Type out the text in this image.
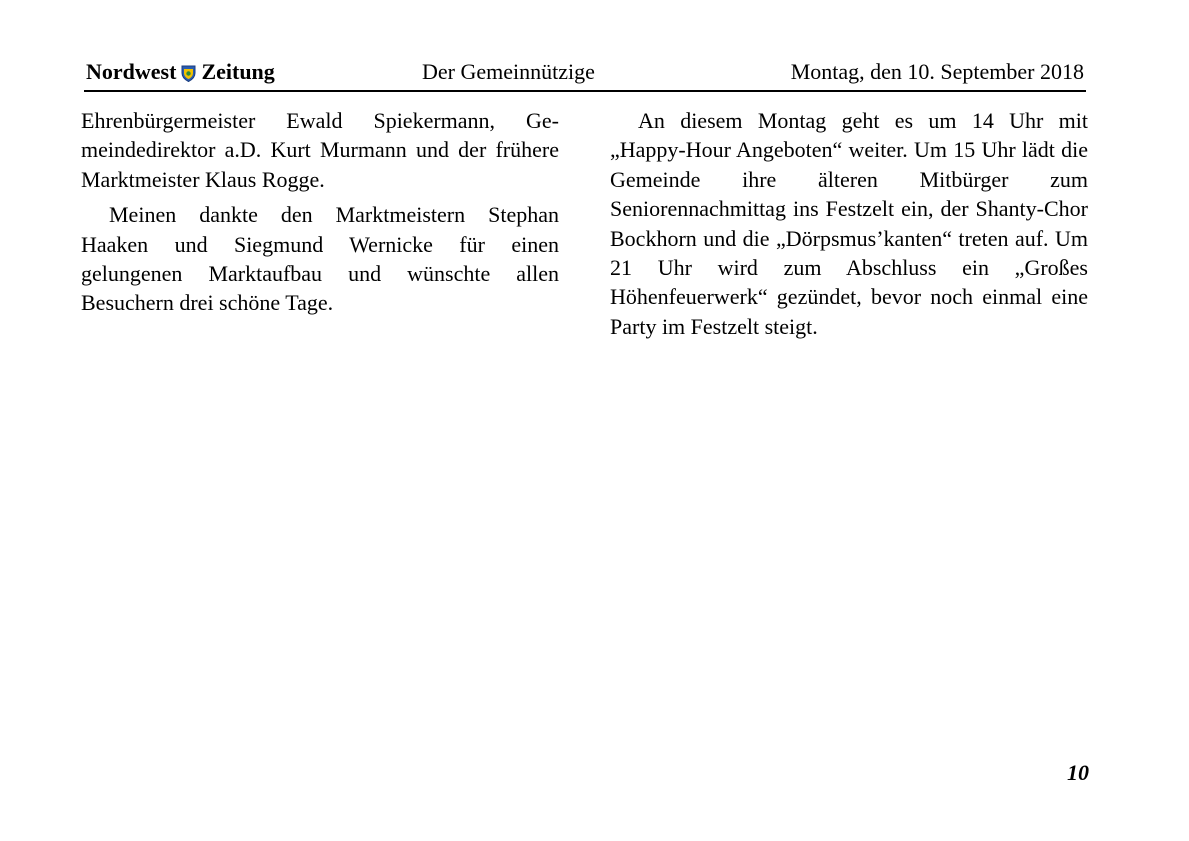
Nordwest Zeitung	Der Gemeinnützige	Montag, den 10. September 2018

Ehrenbürgermeister Ewald Spiekermann, Gemeindedirektor a.D. Kurt Murmann und der frühere Marktmeister Klaus Rogge.

Meinen dankte den Marktmeistern Stephan Haaken und Siegmund Wernicke für einen gelungenen Marktaufbau und wünschte allen Besuchern drei schöne Tage.

An diesem Montag geht es um 14 Uhr mit „Happy-Hour Angeboten“ weiter. Um 15 Uhr lädt die Gemeinde ihre älteren Mitbürger zum Seniorennachmittag ins Festzelt ein, der Shanty-Chor Bockhorn und die „Dörpsmus’kanten“ treten auf. Um 21 Uhr wird zum Abschluss ein „Großes Höhenfeuerwerk“ gezündet, bevor noch einmal eine Party im Festzelt steigt.

10
